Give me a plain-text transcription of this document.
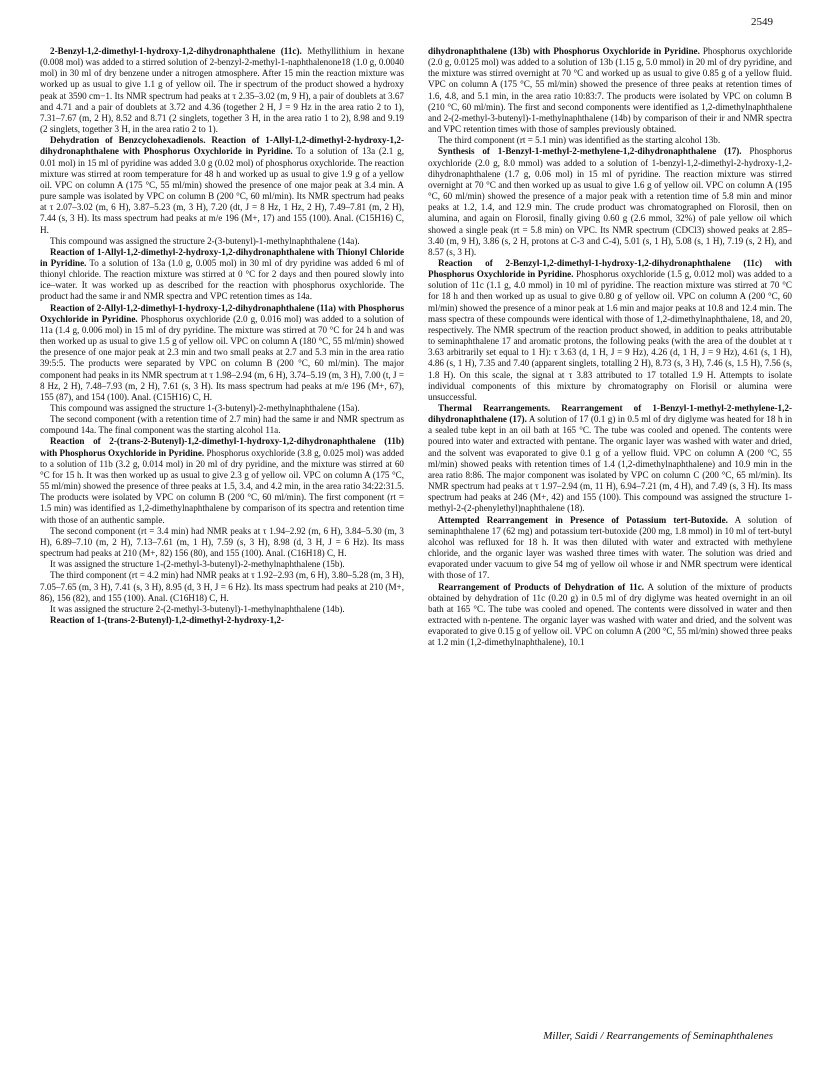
2549

2-Benzyl-1,2-dimethyl-1-hydroxy-1,2-dihydronaphthalene (11c). Methyllithium in hexane (0.008 mol) was added to a stirred solution of 2-benzyl-2-methyl-1-naphthalenone18 (1.0 g, 0.0040 mol) in 30 ml of dry benzene under a nitrogen atmosphere. After 15 min the reaction mixture was worked up as usual to give 1.1 g of yellow oil. The ir spectrum of the product showed a hydroxy peak at 3590 cm−1. Its NMR spectrum had peaks at τ 2.35–3.02 (m, 9 H), a pair of doublets at 3.67 and 4.71 and a pair of doublets at 3.72 and 4.36 (together 2 H, J = 9 Hz in the area ratio 2 to 1), 7.31–7.67 (m, 2 H), 8.52 and 8.71 (2 singlets, together 3 H, in the area ratio 1 to 2), 8.98 and 9.19 (2 singlets, together 3 H, in the area ratio 2 to 1).

Dehydration of Benzcyclohexadienols. Reaction of 1-Allyl-1,2-dimethyl-2-hydroxy-1,2-dihydronaphthalene with Phosphorus Oxychloride in Pyridine. To a solution of 13a (2.1 g, 0.01 mol) in 15 ml of pyridine was added 3.0 g (0.02 mol) of phosphorus oxychloride. The reaction mixture was stirred at room temperature for 48 h and worked up as usual to give 1.9 g of a yellow oil. VPC on column A (175 °C, 55 ml/min) showed the presence of one major peak at 3.4 min. A pure sample was isolated by VPC on column B (200 °C, 60 ml/min). Its NMR spectrum had peaks at τ 2.07–3.02 (m, 6 H), 3.87–5.23 (m, 3 H), 7.20 (dt, J = 8 Hz, 1 Hz, 2 H), 7.49–7.81 (m, 2 H), 7.44 (s, 3 H). Its mass spectrum had peaks at m/e 196 (M+, 17) and 155 (100). Anal. (C15H16) C, H.

This compound was assigned the structure 2-(3-butenyl)-1-methylnaphthalene (14a).

Reaction of 1-Allyl-1,2-dimethyl-2-hydroxy-1,2-dihydronaphthalene with Thionyl Chloride in Pyridine. To a solution of 13a (1.0 g, 0.005 mol) in 30 ml of dry pyridine was added 6 ml of thionyl chloride. The reaction mixture was stirred at 0 °C for 2 days and then poured slowly into ice–water. It was worked up as described for the reaction with phosphorus oxychloride. The product had the same ir and NMR spectra and VPC retention times as 14a.

Reaction of 2-Allyl-1,2-dimethyl-1-hydroxy-1,2-dihydronaphthalene (11a) with Phosphorus Oxychloride in Pyridine. Phosphorus oxychloride (2.0 g, 0.016 mol) was added to a solution of 11a (1.4 g, 0.006 mol) in 15 ml of dry pyridine. The mixture was stirred at 70 °C for 24 h and was then worked up as usual to give 1.5 g of yellow oil. VPC on column A (180 °C, 55 ml/min) showed the presence of one major peak at 2.3 min and two small peaks at 2.7 and 5.3 min in the area ratio 39:5:5. The products were separated by VPC on column B (200 °C, 60 ml/min). The major component had peaks in its NMR spectrum at τ 1.98–2.94 (m, 6 H), 3.74–5.19 (m, 3 H), 7.00 (t, J = 8 Hz, 2 H), 7.48–7.93 (m, 2 H), 7.61 (s, 3 H). Its mass spectrum had peaks at m/e 196 (M+, 67), 155 (87), and 154 (100). Anal. (C15H16) C, H.

This compound was assigned the structure 1-(3-butenyl)-2-methylnaphthalene (15a).

The second component (with a retention time of 2.7 min) had the same ir and NMR spectrum as compound 14a. The final component was the starting alcohol 11a.

Reaction of 2-(trans-2-Butenyl)-1,2-dimethyl-1-hydroxy-1,2-dihydronaphthalene (11b) with Phosphorus Oxychloride in Pyridine. Phosphorus oxychloride (3.8 g, 0.025 mol) was added to a solution of 11b (3.2 g, 0.014 mol) in 20 ml of dry pyridine, and the mixture was stirred at 60 °C for 15 h. It was then worked up as usual to give 2.3 g of yellow oil. VPC on column A (175 °C, 55 ml/min) showed the presence of three peaks at 1.5, 3.4, and 4.2 min, in the area ratio 34:22:31.5. The products were isolated by VPC on column B (200 °C, 60 ml/min). The first component (rt = 1.5 min) was identified as 1,2-dimethylnaphthalene by comparison of its spectra and retention time with those of an authentic sample.

The second component (rt = 3.4 min) had NMR peaks at τ 1.94–2.92 (m, 6 H), 3.84–5.30 (m, 3 H), 6.89–7.10 (m, 2 H), 7.13–7.61 (m, 1 H), 7.59 (s, 3 H), 8.98 (d, 3 H, J = 6 Hz). Its mass spectrum had peaks at 210 (M+, 82) 156 (80), and 155 (100). Anal. (C16H18) C, H.

It was assigned the structure 1-(2-methyl-3-butenyl)-2-methylnaphthalene (15b).

The third component (rt = 4.2 min) had NMR peaks at τ 1.92–2.93 (m, 6 H), 3.80–5.28 (m, 3 H), 7.05–7.65 (m, 3 H), 7.41 (s, 3 H), 8.95 (d, 3 H, J = 6 Hz). Its mass spectrum had peaks at 210 (M+, 86), 156 (82), and 155 (100). Anal. (C16H18) C, H.

It was assigned the structure 2-(2-methyl-3-butenyl)-1-methylnaphthalene (14b).

Reaction of 1-(trans-2-Butenyl)-1,2-dimethyl-2-hydroxy-1,2-

dihydronaphthalene (13b) with Phosphorus Oxychloride in Pyridine. Phosphorus oxychloride (2.0 g, 0.0125 mol) was added to a solution of 13b (1.15 g, 5.0 mmol) in 20 ml of dry pyridine, and the mixture was stirred overnight at 70 °C and worked up as usual to give 0.85 g of a yellow fluid. VPC on column A (175 °C, 55 ml/min) showed the presence of three peaks at retention times of 1.6, 4.8, and 5.1 min, in the area ratio 10:83:7. The products were isolated by VPC on column B (210 °C, 60 ml/min). The first and second components were identified as 1,2-dimethylnaphthalene and 2-(2-methyl-3-butenyl)-1-methylnaphthalene (14b) by comparison of their ir and NMR spectra and VPC retention times with those of samples previously obtained.

The third component (rt = 5.1 min) was identified as the starting alcohol 13b.

Synthesis of 1-Benzyl-1-methyl-2-methylene-1,2-dihydronaphthalene (17). Phosphorus oxychloride (2.0 g, 8.0 mmol) was added to a solution of 1-benzyl-1,2-dimethyl-2-hydroxy-1,2-dihydronaphthalene (1.7 g, 0.06 mol) in 15 ml of pyridine. The reaction mixture was stirred overnight at 70 °C and then worked up as usual to give 1.6 g of yellow oil. VPC on column A (195 °C, 60 ml/min) showed the presence of a major peak with a retention time of 5.8 min and minor peaks at 1.2, 1.4, and 12.9 min. The crude product was chromatographed on Florosil, then on alumina, and again on Florosil, finally giving 0.60 g (2.6 mmol, 32%) of pale yellow oil which showed a single peak (rt = 5.8 min) on VPC. Its NMR spectrum (CDCl3) showed peaks at 2.85–3.40 (m, 9 H), 3.86 (s, 2 H, protons at C-3 and C-4), 5.01 (s, 1 H), 5.08 (s, 1 H), 7.19 (s, 2 H), and 8.57 (s, 3 H).

Reaction of 2-Benzyl-1,2-dimethyl-1-hydroxy-1,2-dihydronaphthalene (11c) with Phosphorus Oxychloride in Pyridine. Phosphorus oxychloride (1.5 g, 0.012 mol) was added to a solution of 11c (1.1 g, 4.0 mmol) in 10 ml of pyridine. The reaction mixture was stirred at 70 °C for 18 h and then worked up as usual to give 0.80 g of yellow oil. VPC on column A (200 °C, 60 ml/min) showed the presence of a minor peak at 1.6 min and major peaks at 10.8 and 12.4 min. The mass spectra of these compounds were identical with those of 1,2-dimethylnaphthalene, 18, and 20, respectively. The NMR spectrum of the reaction product showed, in addition to peaks attributable to seminaphthalene 17 and aromatic protons, the following peaks (with the area of the doublet at τ 3.63 arbitrarily set equal to 1 H): τ 3.63 (d, 1 H, J = 9 Hz), 4.26 (d, 1 H, J = 9 Hz), 4.61 (s, 1 H), 4.86 (s, 1 H), 7.35 and 7.40 (apparent singlets, totalling 2 H), 8.73 (s, 3 H), 7.46 (s, 1.5 H), 7.56 (s, 1.8 H). On this scale, the signal at τ 3.83 attributed to 17 totalled 1.9 H. Attempts to isolate individual components of this mixture by chromatography on Florisil or alumina were unsuccessful.

Thermal Rearrangements. Rearrangement of 1-Benzyl-1-methyl-2-methylene-1,2-dihydronaphthalene (17). A solution of 17 (0.1 g) in 0.5 ml of dry diglyme was heated for 18 h in a sealed tube kept in an oil bath at 165 °C. The tube was cooled and opened. The contents were poured into water and extracted with pentane. The organic layer was washed with water and dried, and the solvent was evaporated to give 0.1 g of a yellow fluid. VPC on column A (200 °C, 55 ml/min) showed peaks with retention times of 1.4 (1,2-dimethylnaphthalene) and 10.9 min in the area ratio 8:86. The major component was isolated by VPC on column C (200 °C, 65 ml/min). Its NMR spectrum had peaks at τ 1.97–2.94 (m, 11 H), 6.94–7.21 (m, 4 H), and 7.49 (s, 3 H). Its mass spectrum had peaks at 246 (M+, 42) and 155 (100). This compound was assigned the structure 1-methyl-2-(2-phenylethyl)naphthalene (18).

Attempted Rearrangement in Presence of Potassium tert-Butoxide. A solution of seminaphthalene 17 (62 mg) and potassium tert-butoxide (200 mg, 1.8 mmol) in 10 ml of tert-butyl alcohol was refluxed for 18 h. It was then diluted with water and extracted with methylene chloride, and the organic layer was washed three times with water. The solution was dried and evaporated under vacuum to give 54 mg of yellow oil whose ir and NMR spectrum were identical with those of 17.

Rearrangement of Products of Dehydration of 11c. A solution of the mixture of products obtained by dehydration of 11c (0.20 g) in 0.5 ml of dry diglyme was heated overnight in an oil bath at 165 °C. The tube was cooled and opened. The contents were dissolved in water and then extracted with n-pentene. The organic layer was washed with water and dried, and the solvent was evaporated to give 0.15 g of yellow oil. VPC on column A (200 °C, 55 ml/min) showed three peaks at 1.2 min (1,2-dimethylnaphthalene), 10.1

Miller, Saidi / Rearrangements of Seminaphthalenes
